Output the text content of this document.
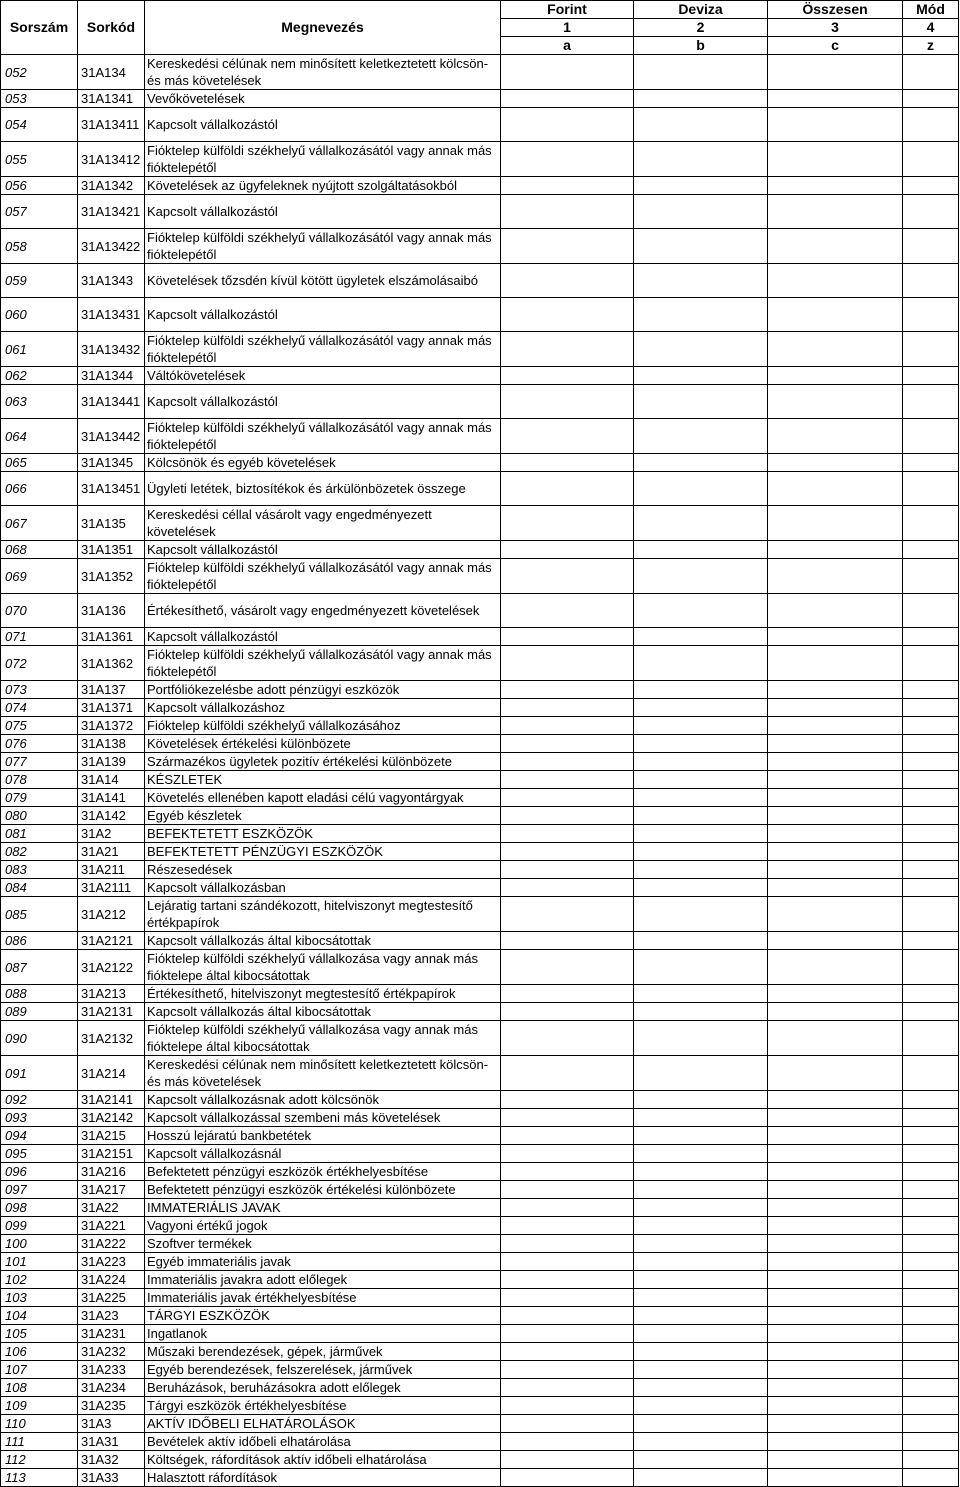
Sorszám	Sorkód	Megnevezés	Forint	Deviza	Összesen	Mód
			1	2	3	4
			a	b	c	z
052	31A134	Kereskedési célúnak nem minősített keletkeztetett kölcsön- és más követelések				

053	31A1341	Vevőkövetelések				

054	31A13411	Kapcsolt vállalkozástól				

055	31A13412	Fióktelep külföldi székhelyű vállalkozásától vagy annak más fióktelepétől				

056	31A1342	Követelések az ügyfeleknek nyújtott szolgáltatásokból				

057	31A13421	Kapcsolt vállalkozástól				

058	31A13422	Fióktelep külföldi székhelyű vállalkozásától vagy annak más fióktelepétől				

059	31A1343	Követelések tőzsdén kívül kötött ügyletek elszámolásaibó				

060	31A13431	Kapcsolt vállalkozástól				

061	31A13432	Fióktelep külföldi székhelyű vállalkozásától vagy annak más fióktelepétől				

062	31A1344	Váltókövetelések				

063	31A13441	Kapcsolt vállalkozástól				

064	31A13442	Fióktelep külföldi székhelyű vállalkozásától vagy annak más fióktelepétől				

065	31A1345	Kölcsönök és egyéb követelések				

066	31A13451	Ügyleti letétek, biztosítékok és árkülönbözetek összege				

067	31A135	Kereskedési céllal vásárolt vagy engedményezett követelések				

068	31A1351	Kapcsolt vállalkozástól				

069	31A1352	Fióktelep külföldi székhelyű vállalkozásától vagy annak más fióktelepétől				

070	31A136	Értékesíthető, vásárolt vagy engedményezett követelések				

071	31A1361	Kapcsolt vállalkozástól				

072	31A1362	Fióktelep külföldi székhelyű vállalkozásától vagy annak más fióktelepétől				

073	31A137	Portfóliókezelésbe adott pénzügyi eszközök				

074	31A1371	Kapcsolt vállalkozáshoz				

075	31A1372	Fióktelep külföldi székhelyű vállalkozásához				

076	31A138	Követelések értékelési különbözete				

077	31A139	Származékos ügyletek pozitív értékelési különbözete				

078	31A14	KÉSZLETEK				

079	31A141	Követelés ellenében kapott eladási célú vagyontárgyak				

080	31A142	Egyéb készletek				

081	31A2	BEFEKTETETT ESZKÖZÖK				

082	31A21	BEFEKTETETT PÉNZÜGYI ESZKÖZÖK				

083	31A211	Részesedések				

084	31A2111	Kapcsolt vállalkozásban				

085	31A212	Lejáratig tartani szándékozott, hitelviszonyt megtestesítő értékpapírok				

086	31A2121	Kapcsolt vállalkozás által kibocsátottak				

087	31A2122	Fióktelep külföldi székhelyű vállalkozása vagy annak más fióktelepe által kibocsátottak				

088	31A213	Értékesíthető, hitelviszonyt megtestesítő értékpapírok				

089	31A2131	Kapcsolt vállalkozás által kibocsátottak				

090	31A2132	Fióktelep külföldi székhelyű vállalkozása vagy annak más fióktelepe által kibocsátottak				

091	31A214	Kereskedési célúnak nem minősített keletkeztetett kölcsön- és más követelések				

092	31A2141	Kapcsolt vállalkozásnak adott kölcsönök				

093	31A2142	Kapcsolt vállalkozással szembeni más követelések				

094	31A215	Hosszú lejáratú bankbetétek				

095	31A2151	Kapcsolt vállalkozásnál				

096	31A216	Befektetett pénzügyi eszközök értékhelyesbítése				

097	31A217	Befektetett pénzügyi eszközök értékelési különbözete				

098	31A22	IMMATERIÁLIS JAVAK				

099	31A221	Vagyoni értékű jogok				

100	31A222	Szoftver termékek				

101	31A223	Egyéb immateriális javak				

102	31A224	Immateriális javakra adott előlegek				

103	31A225	Immateriális javak értékhelyesbítése				

104	31A23	TÁRGYI ESZKÖZÖK				

105	31A231	Ingatlanok				

106	31A232	Műszaki berendezések, gépek, járművek				

107	31A233	Egyéb berendezések, felszerelések, járművek				

108	31A234	Beruházások, beruházásokra adott előlegek				

109	31A235	Tárgyi eszközök értékhelyesbítése				

110	31A3	AKTÍV IDŐBELI ELHATÁROLÁSOK				

111	31A31	Bevételek aktív időbeli elhatárolása				

112	31A32	Költségek, ráfordítások aktív időbeli elhatárolása				

113	31A33	Halasztott ráfordítások				
